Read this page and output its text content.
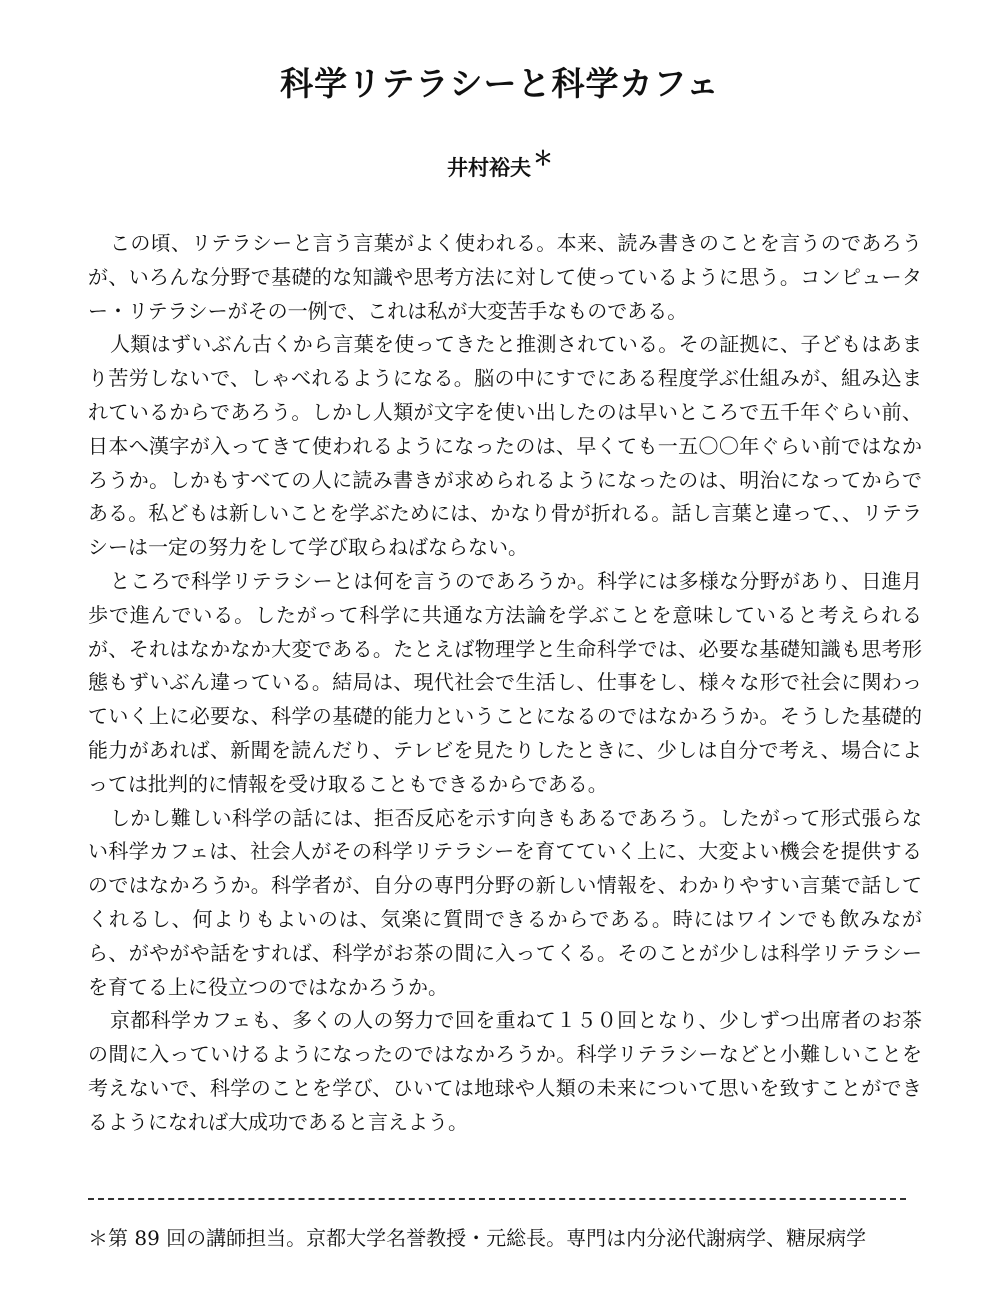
科学リテラシーと科学カフェ

井村裕夫 ＊

この頃、リテラシーと言う言葉がよく使われる。本来、読み書きのことを言うのであろうが、いろんな分野で基礎的な知識や思考方法に対して使っているように思う。コンピューター・リテラシーがその一例で、これは私が大変苦手なものである。

人類はずいぶん古くから言葉を使ってきたと推測されている。その証拠に、子どもはあまり苦労しないで、しゃべれるようになる。脳の中にすでにある程度学ぶ仕組みが、組み込まれているからであろう。しかし人類が文字を使い出したのは早いところで五千年ぐらい前、日本へ漢字が入ってきて使われるようになったのは、早くても一五〇〇年ぐらい前ではなかろうか。しかもすべての人に読み書きが求められるようになったのは、明治になってからである。私どもは新しいことを学ぶためには、かなり骨が折れる。話し言葉と違って、、リテラシーは一定の努力をして学び取らねばならない。

ところで科学リテラシーとは何を言うのであろうか。科学には多様な分野があり、日進月歩で進んでいる。したがって科学に共通な方法論を学ぶことを意味していると考えられるが、それはなかなか大変である。たとえば物理学と生命科学では、必要な基礎知識も思考形態もずいぶん違っている。結局は、現代社会で生活し、仕事をし、様々な形で社会に関わっていく上に必要な、科学の基礎的能力ということになるのではなかろうか。そうした基礎的能力があれば、新聞を読んだり、テレビを見たりしたときに、少しは自分で考え、場合によっては批判的に情報を受け取ることもできるからである。

しかし難しい科学の話には、拒否反応を示す向きもあるであろう。したがって形式張らない科学カフェは、社会人がその科学リテラシーを育てていく上に、大変よい機会を提供するのではなかろうか。科学者が、自分の専門分野の新しい情報を、わかりやすい言葉で話してくれるし、何よりもよいのは、気楽に質問できるからである。時にはワインでも飲みながら、がやがや話をすれば、科学がお茶の間に入ってくる。そのことが少しは科学リテラシーを育てる上に役立つのではなかろうか。

京都科学カフェも、多くの人の努力で回を重ねて１５０回となり、少しずつ出席者のお茶の間に入っていけるようになったのではなかろうか。科学リテラシーなどと小難しいことを考えないで、科学のことを学び、ひいては地球や人類の未来について思いを致すことができるようになれば大成功であると言えよう。

＊第 89 回の講師担当。京都大学名誉教授・元総長。専門は内分泌代謝病学、糖尿病学
